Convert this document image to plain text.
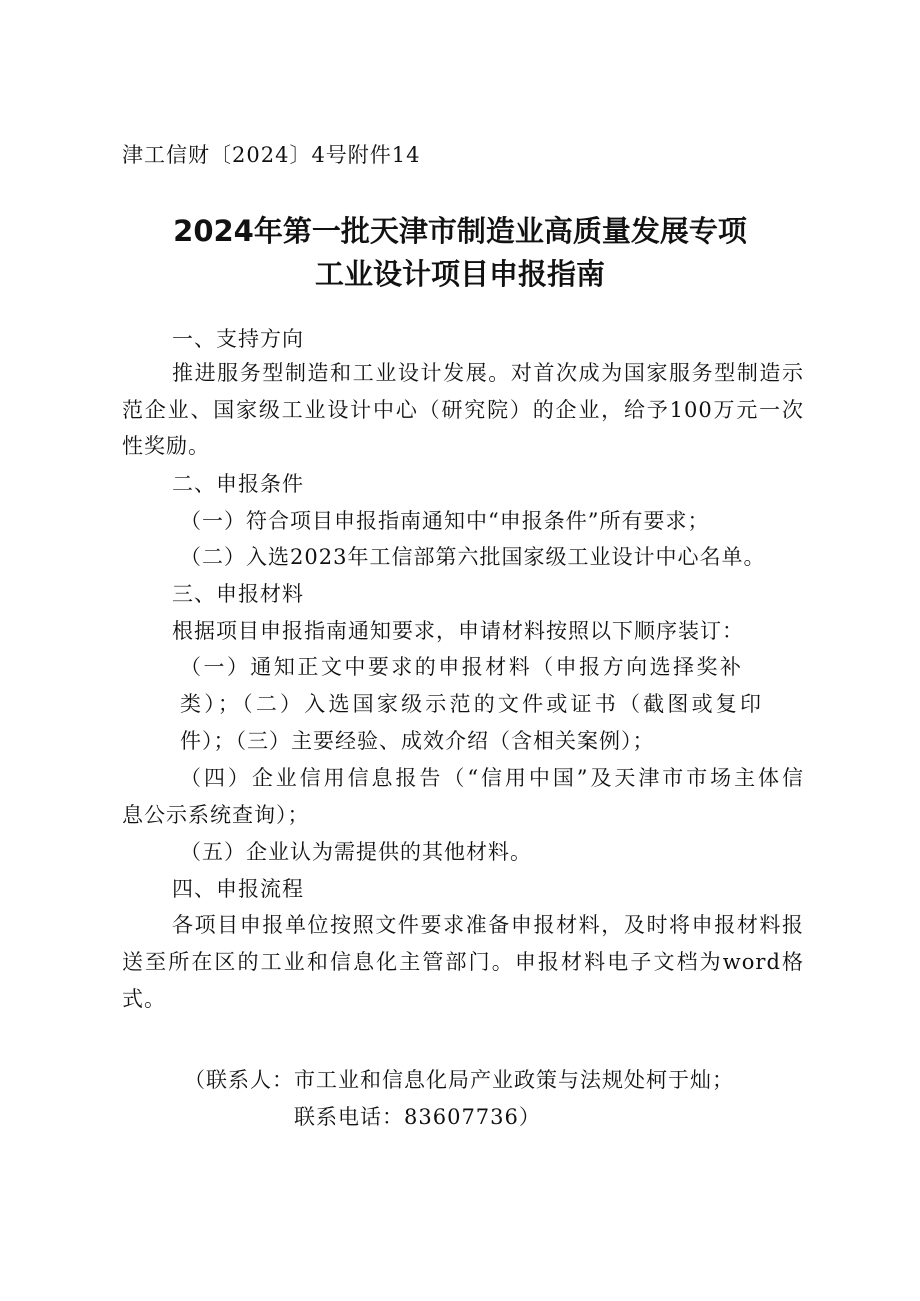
津工信财〔2024〕4号附件14
2024年第一批天津市制造业高质量发展专项
工业设计项目申报指南
一、支持方向
推进服务型制造和工业设计发展。对首次成为国家服务型制造示
范企业、国家级工业设计中心（研究院）的企业，给予100万元一次
性奖励。
二、申报条件
（一）符合项目申报指南通知中“申报条件”所有要求；
（二）入选2023年工信部第六批国家级工业设计中心名单。
三、申报材料
根据项目申报指南通知要求，申请材料按照以下顺序装订：
（一）通知正文中要求的申报材料（申报方向选择奖补
类）；（二）入选国家级示范的文件或证书（截图或复印
件）；（三）主要经验、成效介绍（含相关案例）；
（四）企业信用信息报告（“信用中国”及天津市市场主体信
息公示系统查询）；
（五）企业认为需提供的其他材料。
四、申报流程
各项目申报单位按照文件要求准备申报材料，及时将申报材料报
送至所在区的工业和信息化主管部门。申报材料电子文档为word格
式。
（联系人：市工业和信息化局产业政策与法规处柯于灿；
联系电话：83607736）
